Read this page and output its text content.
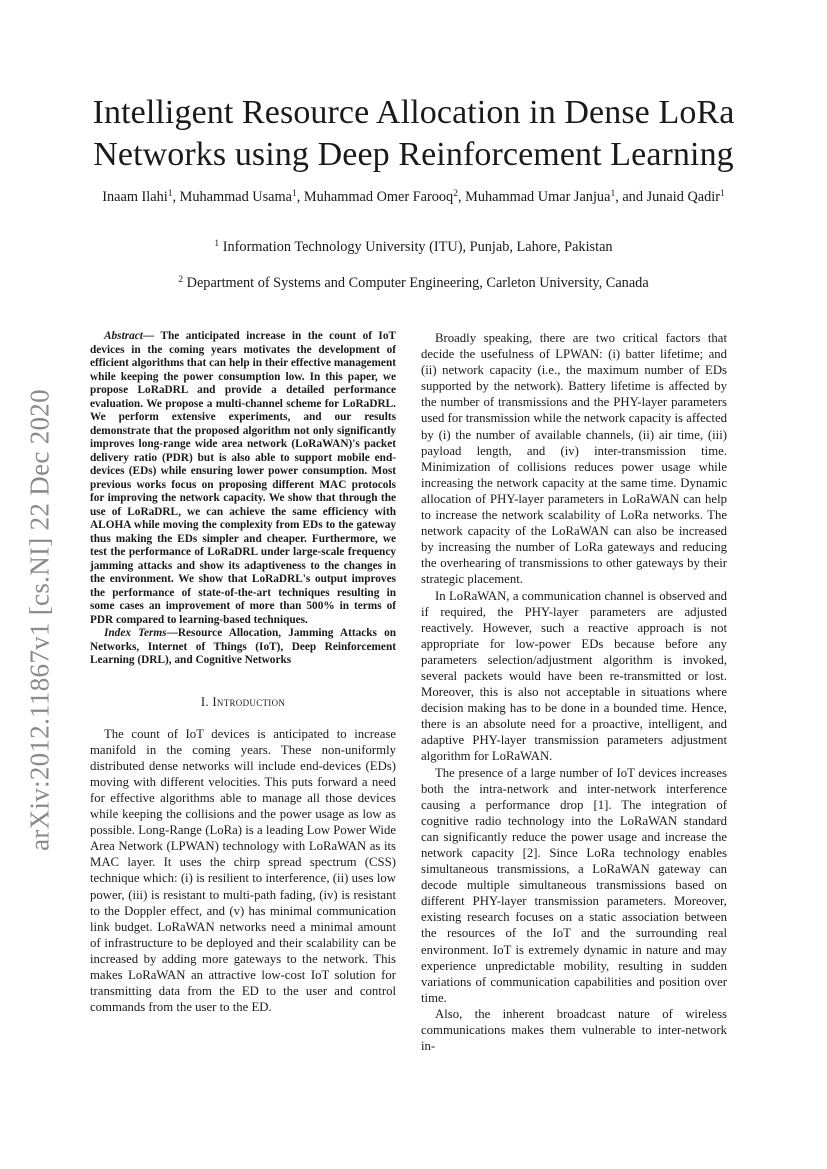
Intelligent Resource Allocation in Dense LoRa Networks using Deep Reinforcement Learning
Inaam Ilahi$^1$, Muhammad Usama$^1$, Muhammad Omer Farooq$^2$, Muhammad Umar Janjua$^1$, and Junaid Qadir$^1$

$^1$ Information Technology University (ITU), Punjab, Lahore, Pakistan

$^2$ Department of Systems and Computer Engineering, Carleton University, Canada

arXiv:2012.11867v1 [cs.NI] 22 Dec 2020

Abstract— The anticipated increase in the count of IoT devices in the coming years motivates the development of efficient algorithms that can help in their effective management while keeping the power consumption low. In this paper, we propose LoRaDRL and provide a detailed performance evaluation. We propose a multi-channel scheme for LoRaDRL. We perform extensive experiments, and our results demonstrate that the proposed algorithm not only significantly improves long-range wide area network (LoRaWAN)'s packet delivery ratio (PDR) but is also able to support mobile end-devices (EDs) while ensuring lower power consumption. Most previous works focus on proposing different MAC protocols for improving the network capacity. We show that through the use of LoRaDRL, we can achieve the same efficiency with ALOHA while moving the complexity from EDs to the gateway thus making the EDs simpler and cheaper. Furthermore, we test the performance of LoRaDRL under large-scale frequency jamming attacks and show its adaptiveness to the changes in the environment. We show that LoRaDRL's output improves the performance of state-of-the-art techniques resulting in some cases an improvement of more than 500% in terms of PDR compared to learning-based techniques.

Index Terms—Resource Allocation, Jamming Attacks on Networks, Internet of Things (IoT), Deep Reinforcement Learning (DRL), and Cognitive Networks

I. Introduction

The count of IoT devices is anticipated to increase manifold in the coming years. These non-uniformly distributed dense networks will include end-devices (EDs) moving with different velocities. This puts forward a need for effective algorithms able to manage all those devices while keeping the collisions and the power usage as low as possible. Long-Range (LoRa) is a leading Low Power Wide Area Network (LPWAN) technology with LoRaWAN as its MAC layer. It uses the chirp spread spectrum (CSS) technique which: (i) is resilient to interference, (ii) uses low power, (iii) is resistant to multi-path fading, (iv) is resistant to the Doppler effect, and (v) has minimal communication link budget. LoRaWAN networks need a minimal amount of infrastructure to be deployed and their scalability can be increased by adding more gateways to the network. This makes LoRaWAN an attractive low-cost IoT solution for transmitting data from the ED to the user and control commands from the user to the ED.

Broadly speaking, there are two critical factors that decide the usefulness of LPWAN: (i) batter lifetime; and (ii) network capacity (i.e., the maximum number of EDs supported by the network). Battery lifetime is affected by the number of transmissions and the PHY-layer parameters used for transmission while the network capacity is affected by (i) the number of available channels, (ii) air time, (iii) payload length, and (iv) inter-transmission time. Minimization of collisions reduces power usage while increasing the network capacity at the same time. Dynamic allocation of PHY-layer parameters in LoRaWAN can help to increase the network scalability of LoRa networks. The network capacity of the LoRaWAN can also be increased by increasing the number of LoRa gateways and reducing the overhearing of transmissions to other gateways by their strategic placement.

In LoRaWAN, a communication channel is observed and if required, the PHY-layer parameters are adjusted reactively. However, such a reactive approach is not appropriate for low-power EDs because before any parameters selection/adjustment algorithm is invoked, several packets would have been re-transmitted or lost. Moreover, this is also not acceptable in situations where decision making has to be done in a bounded time. Hence, there is an absolute need for a proactive, intelligent, and adaptive PHY-layer transmission parameters adjustment algorithm for LoRaWAN.

The presence of a large number of IoT devices increases both the intra-network and inter-network interference causing a performance drop [1]. The integration of cognitive radio technology into the LoRaWAN standard can significantly reduce the power usage and increase the network capacity [2]. Since LoRa technology enables simultaneous transmissions, a LoRaWAN gateway can decode multiple simultaneous transmissions based on different PHY-layer transmission parameters. Moreover, existing research focuses on a static association between the resources of the IoT and the surrounding real environment. IoT is extremely dynamic in nature and may experience unpredictable mobility, resulting in sudden variations of communication capabilities and position over time.

Also, the inherent broadcast nature of wireless communications makes them vulnerable to inter-network in-
